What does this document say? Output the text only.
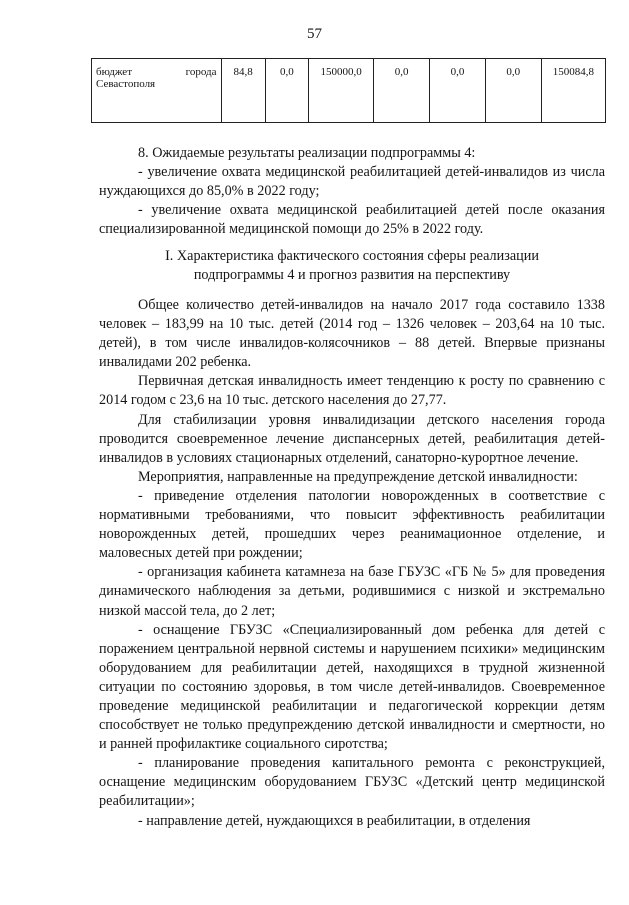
57
бюджет города Севастополя	84,8	0,0	150000,0	0,0	0,0	0,0	150084,8

8. Ожидаемые результаты реализации подпрограммы 4:

- увеличение охвата медицинской реабилитацией детей-инвалидов из числа нуждающихся до 85,0% в 2022 году;

- увеличение охвата медицинской реабилитацией детей после оказания специализированной медицинской помощи до 25% в 2022 году.

I. Характеристика фактического состояния сферы реализации
подпрограммы 4 и прогноз развития на перспективу

Общее количество детей-инвалидов на начало 2017 года составило 1338 человек – 183,99 на 10 тыс. детей (2014 год – 1326 человек – 203,64 на 10 тыс. детей), в том числе инвалидов-колясочников – 88 детей. Впервые признаны инвалидами 202 ребенка.

Первичная детская инвалидность имеет тенденцию к росту по сравнению с 2014 годом с 23,6 на 10 тыс. детского населения до 27,77.

Для стабилизации уровня инвалидизации детского населения города проводится своевременное лечение диспансерных детей, реабилитация детей-инвалидов в условиях стационарных отделений, санаторно-курортное лечение.

Мероприятия, направленные на предупреждение детской инвалидности:

- приведение отделения патологии новорожденных в соответствие с нормативными требованиями, что повысит эффективность реабилитации новорожденных детей, прошедших через реанимационное отделение, и маловесных детей при рождении;

- организация кабинета катамнеза на базе ГБУЗС «ГБ № 5» для проведения динамического наблюдения за детьми, родившимися с низкой и экстремально низкой массой тела, до 2 лет;

- оснащение ГБУЗС «Специализированный дом ребенка для детей с поражением центральной нервной системы и нарушением психики» медицинским оборудованием для реабилитации детей, находящихся в трудной жизненной ситуации по состоянию здоровья, в том числе детей-инвалидов. Своевременное проведение медицинской реабилитации и педагогической коррекции детям способствует не только предупреждению детской инвалидности и смертности, но и ранней профилактике социального сиротства;

- планирование проведения капитального ремонта с реконструкцией, оснащение медицинским оборудованием ГБУЗС «Детский центр медицинской реабилитации»;

- направление детей, нуждающихся в реабилитации, в отделения
